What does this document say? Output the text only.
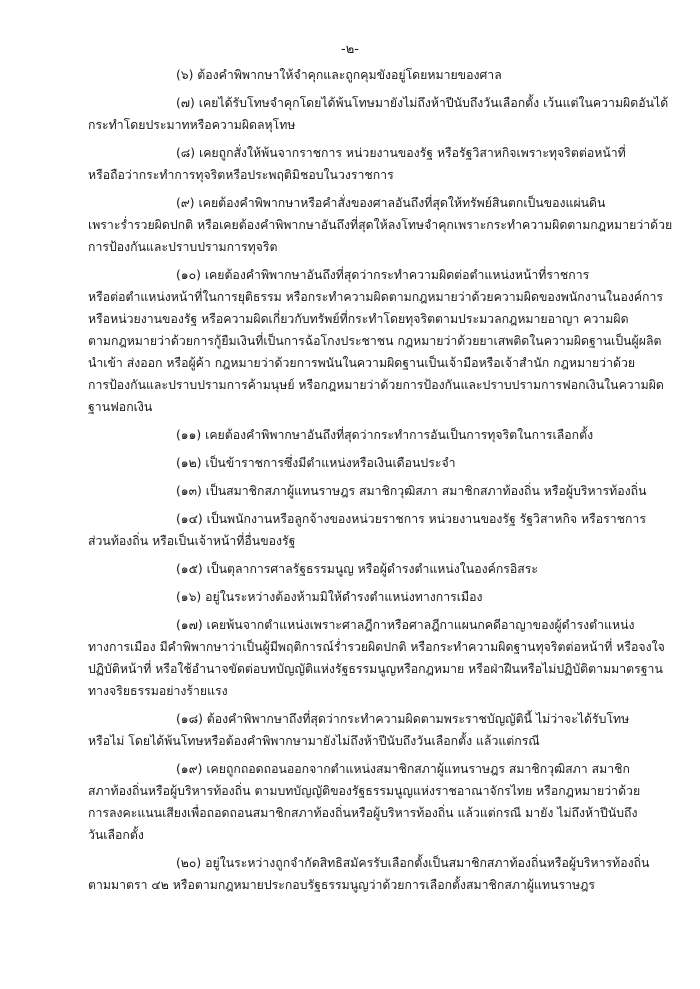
-๒-
(๖) ต้องคำพิพากษาให้จำคุกและถูกคุมขังอยู่โดยหมายของศาล
(๗) เคยได้รับโทษจำคุกโดยได้พ้นโทษมายังไม่ถึงห้าปีนับถึงวันเลือกตั้ง เว้นแต่ในความผิดอันได้
กระทำโดยประมาทหรือความผิดลหุโทษ
(๘) เคยถูกสั่งให้พ้นจากราชการ หน่วยงานของรัฐ หรือรัฐวิสาหกิจเพราะทุจริตต่อหน้าที่
หรือถือว่ากระทำการทุจริตหรือประพฤติมิชอบในวงราชการ
(๙) เคยต้องคำพิพากษาหรือคำสั่งของศาลอันถึงที่สุดให้ทรัพย์สินตกเป็นของแผ่นดิน
เพราะร่ำรวยผิดปกติ หรือเคยต้องคำพิพากษาอันถึงที่สุดให้ลงโทษจำคุกเพราะกระทำความผิดตามกฎหมายว่าด้วย
การป้องกันและปราบปรามการทุจริต
(๑๐) เคยต้องคำพิพากษาอันถึงที่สุดว่ากระทำความผิดต่อตำแหน่งหน้าที่ราชการ
หรือต่อตำแหน่งหน้าที่ในการยุติธรรม หรือกระทำความผิดตามกฎหมายว่าด้วยความผิดของพนักงานในองค์การ
หรือหน่วยงานของรัฐ หรือความผิดเกี่ยวกับทรัพย์ที่กระทำโดยทุจริตตามประมวลกฎหมายอาญา ความผิด
ตามกฎหมายว่าด้วยการกู้ยืมเงินที่เป็นการฉ้อโกงประชาชน กฎหมายว่าด้วยยาเสพติดในความผิดฐานเป็นผู้ผลิต
นำเข้า ส่งออก หรือผู้ค้า กฎหมายว่าด้วยการพนันในความผิดฐานเป็นเจ้ามือหรือเจ้าสำนัก กฎหมายว่าด้วย
การป้องกันและปราบปรามการค้ามนุษย์ หรือกฎหมายว่าด้วยการป้องกันและปราบปรามการฟอกเงินในความผิด
ฐานฟอกเงิน
(๑๑) เคยต้องคำพิพากษาอันถึงที่สุดว่ากระทำการอันเป็นการทุจริตในการเลือกตั้ง
(๑๒) เป็นข้าราชการซึ่งมีตำแหน่งหรือเงินเดือนประจำ
(๑๓) เป็นสมาชิกสภาผู้แทนราษฎร สมาชิกวุฒิสภา สมาชิกสภาท้องถิ่น หรือผู้บริหารท้องถิ่น
(๑๔) เป็นพนักงานหรือลูกจ้างของหน่วยราชการ หน่วยงานของรัฐ รัฐวิสาหกิจ หรือราชการ
ส่วนท้องถิ่น หรือเป็นเจ้าหน้าที่อื่นของรัฐ
(๑๕) เป็นตุลาการศาลรัฐธรรมนูญ หรือผู้ดำรงตำแหน่งในองค์กรอิสระ
(๑๖) อยู่ในระหว่างต้องห้ามมิให้ดำรงตำแหน่งทางการเมือง
(๑๗) เคยพ้นจากตำแหน่งเพราะศาลฎีกาหรือศาลฎีกาแผนกคดีอาญาของผู้ดำรงตำแหน่ง
ทางการเมือง มีคำพิพากษาว่าเป็นผู้มีพฤติการณ์ร่ำรวยผิดปกติ หรือกระทำความผิดฐานทุจริตต่อหน้าที่ หรือจงใจ
ปฏิบัติหน้าที่ หรือใช้อำนาจขัดต่อบทบัญญัติแห่งรัฐธรรมนูญหรือกฎหมาย หรือฝ่าฝืนหรือไม่ปฏิบัติตามมาตรฐาน
ทางจริยธรรมอย่างร้ายแรง
(๑๘) ต้องคำพิพากษาถึงที่สุดว่ากระทำความผิดตามพระราชบัญญัตินี้ ไม่ว่าจะได้รับโทษ
หรือไม่ โดยได้พ้นโทษหรือต้องคำพิพากษามายังไม่ถึงห้าปีนับถึงวันเลือกตั้ง แล้วแต่กรณี
(๑๙) เคยถูกถอดถอนออกจากตำแหน่งสมาชิกสภาผู้แทนราษฎร สมาชิกวุฒิสภา สมาชิก
สภาท้องถิ่นหรือผู้บริหารท้องถิ่น ตามบทบัญญัติของรัฐธรรมนูญแห่งราชอาณาจักรไทย หรือกฎหมายว่าด้วย
การลงคะแนนเสียงเพื่อถอดถอนสมาชิกสภาท้องถิ่นหรือผู้บริหารท้องถิ่น แล้วแต่กรณี มายัง ไม่ถึงห้าปีนับถึง
วันเลือกตั้ง
(๒๐) อยู่ในระหว่างถูกจำกัดสิทธิสมัครรับเลือกตั้งเป็นสมาชิกสภาท้องถิ่นหรือผู้บริหารท้องถิ่น
ตามมาตรา ๔๒ หรือตามกฎหมายประกอบรัฐธรรมนูญว่าด้วยการเลือกตั้งสมาชิกสภาผู้แทนราษฎร
